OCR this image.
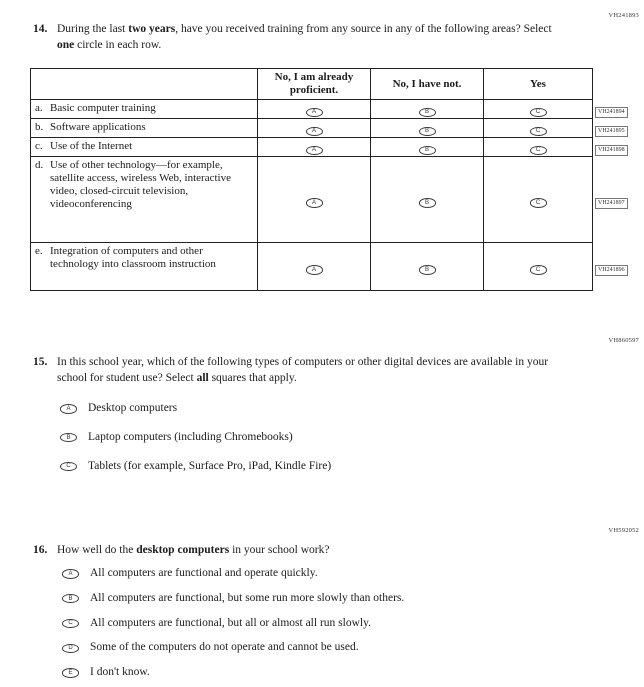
VH241893
VH860597
VH592052
14. During the last two years, have you received training from any source in any of the following areas? Select one circle in each row.
	No, I am already proficient.	No, I have not.	Yes	

a. Basic computer training	A	B	C	VH241894

b. Software applications	A	B	C	VH241895

c. Use of the Internet	A	B	C	VH241898

d. Use of other technology—for example, satellite access, wireless Web, interactive video, closed-circuit television, videoconferencing	A	B	C	VH241897

e. Integration of computers and other technology into classroom instruction	A	B	C	VH241896
15. In this school year, which of the following types of computers or other digital devices are available in your school for student use? Select all squares that apply.
A Desktop computers
B Laptop computers (including Chromebooks)
C Tablets (for example, Surface Pro, iPad, Kindle Fire)
16. How well do the desktop computers in your school work?
A All computers are functional and operate quickly.
B All computers are functional, but some run more slowly than others.
C All computers are functional, but all or almost all run slowly.
D Some of the computers do not operate and cannot be used.
E I don't know.
